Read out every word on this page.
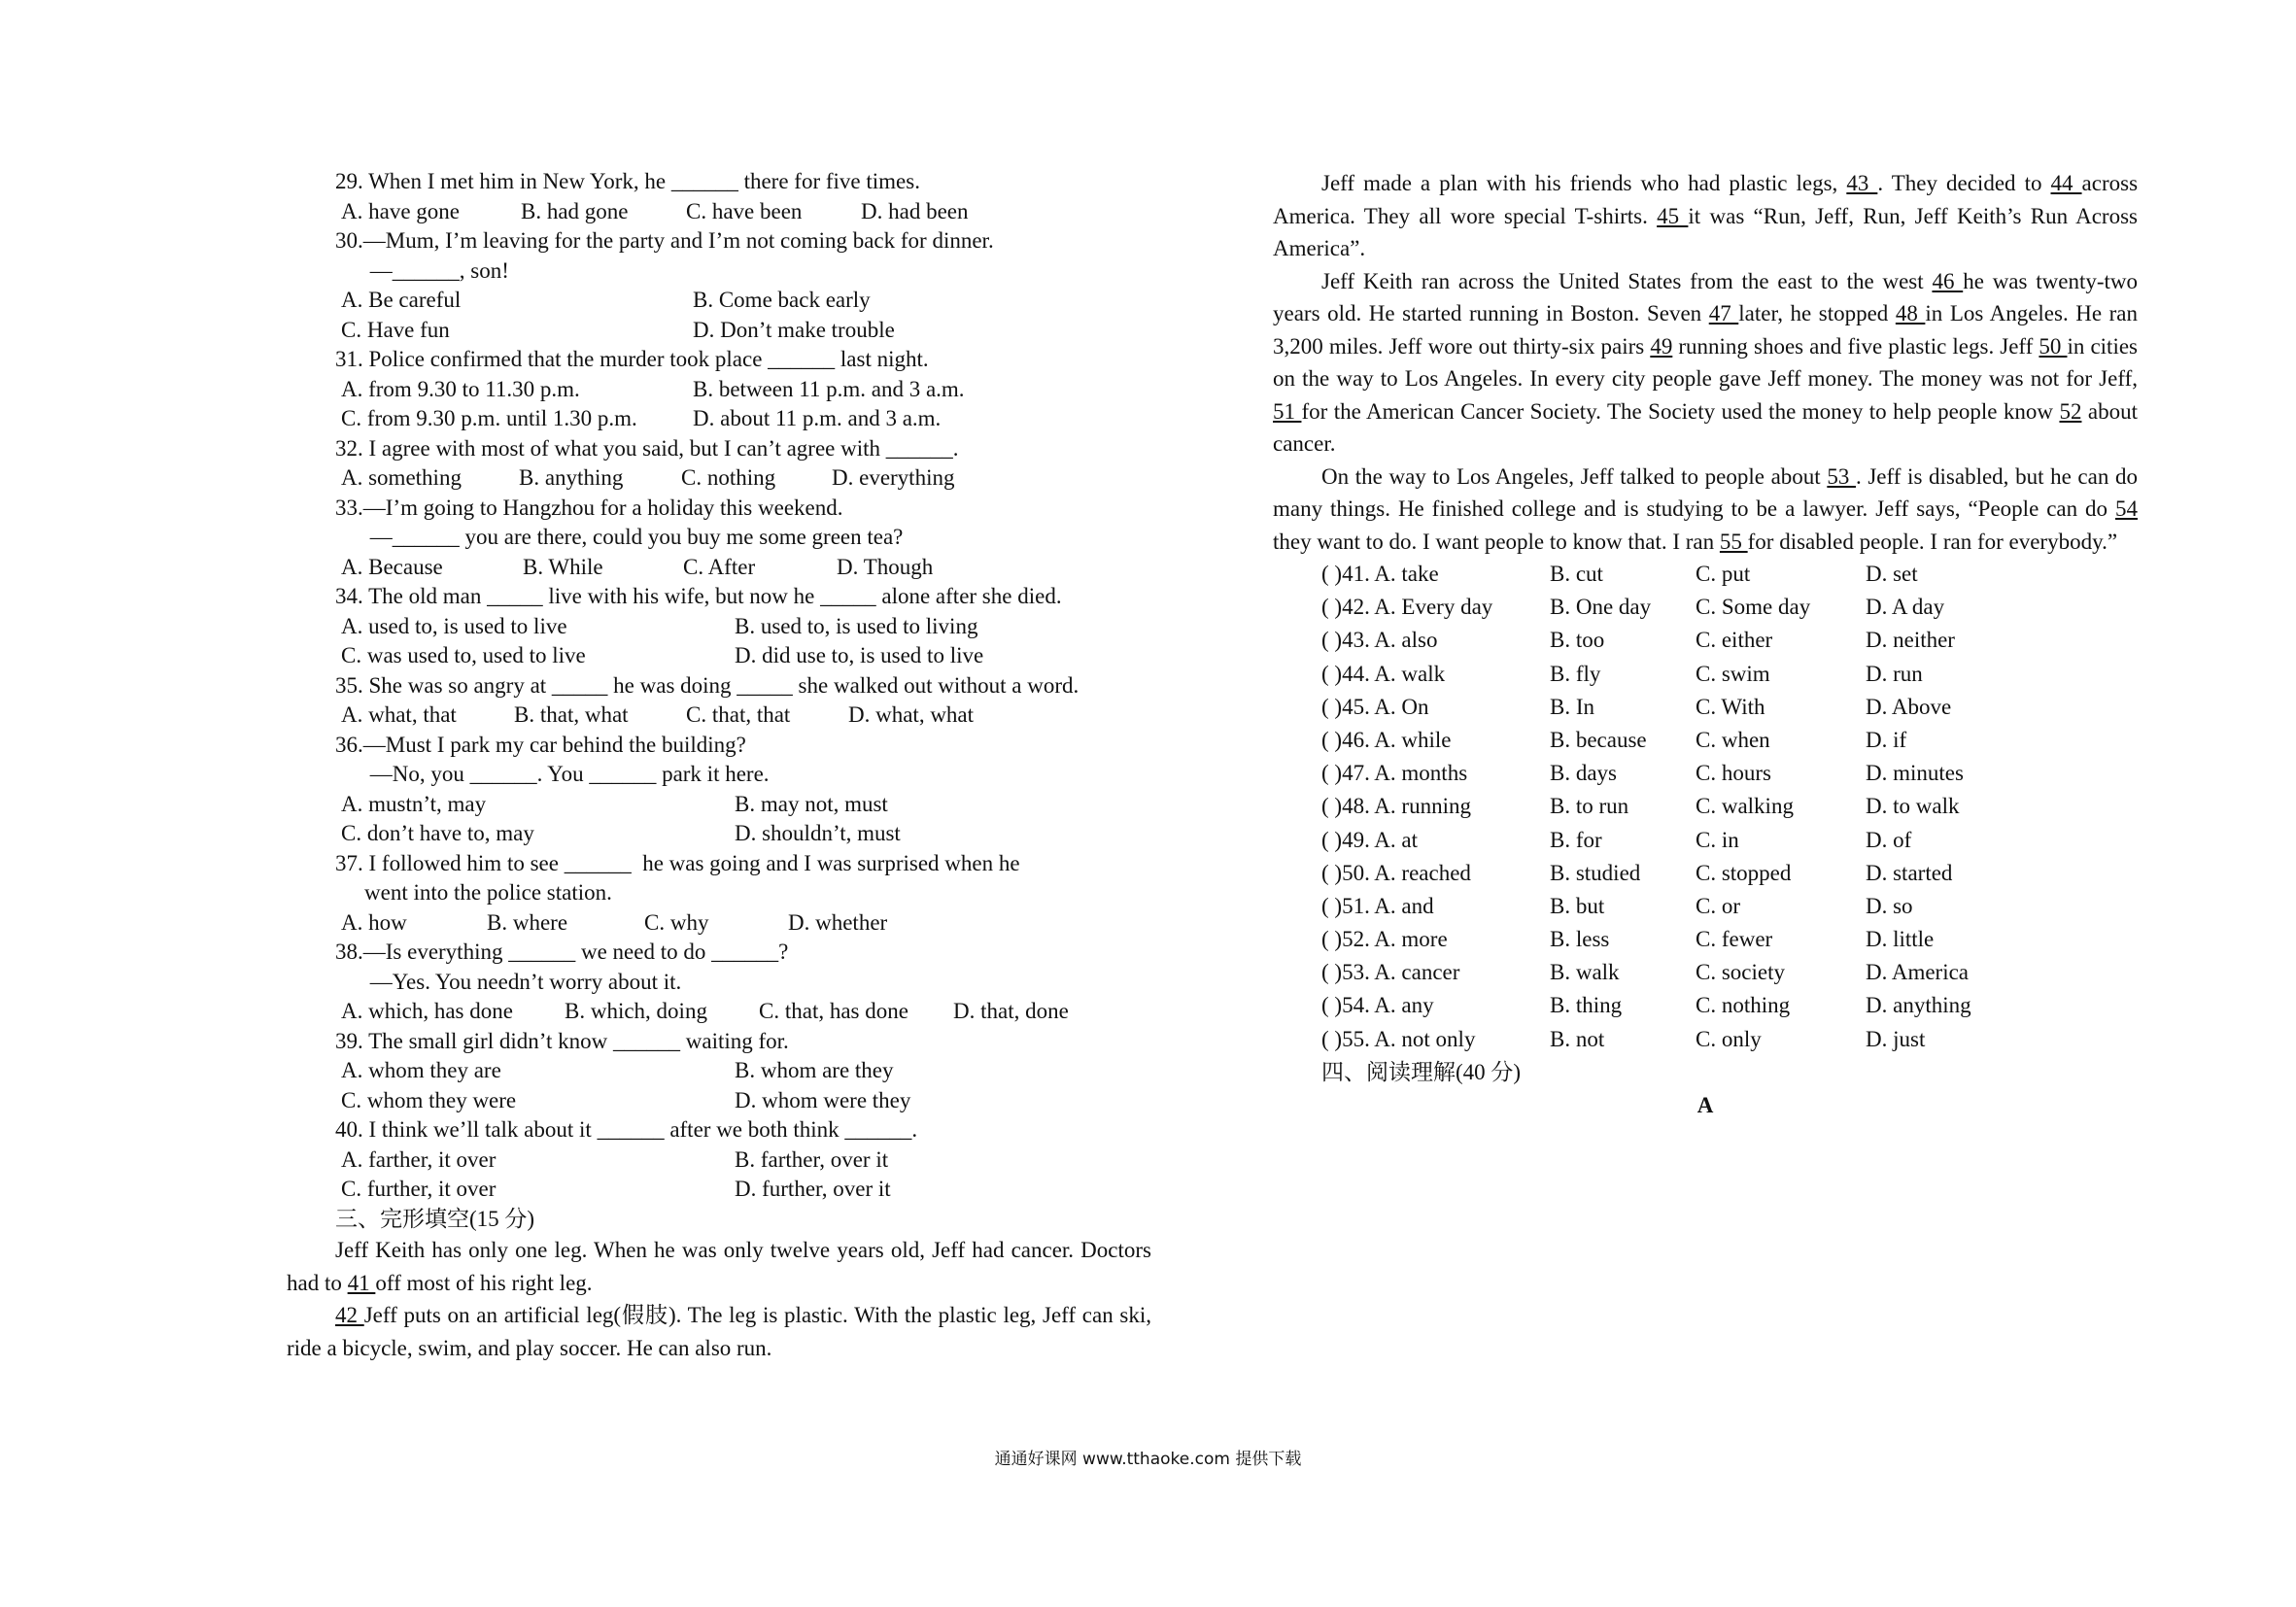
29. When I met him in New York, he ______ there for five times.
A. have gone	B. had gone	C. have been	D. had been
30.—Mum, I’m leaving for the party and I’m not coming back for dinner.
—______, son!
A. Be careful	B. Come back early
C. Have fun	D. Don’t make trouble
31. Police confirmed that the murder took place ______ last night.
A. from 9.30 to 11.30 p.m.	B. between 11 p.m. and 3 a.m.
C. from 9.30 p.m. until 1.30 p.m. D. about 11 p.m. and 3 a.m.
32. I agree with most of what you said, but I can’t agree with ______.
A. something	B. anything	C. nothing	D. everything
33.—I’m going to Hangzhou for a holiday this weekend.
—______ you are there, could you buy me some green tea?
A. Because	B. While	C. After	D. Though
34. The old man _____ live with his wife, but now he _____ alone after she died.
A. used to, is used to live	B. used to, is used to living
C. was used to, used to live	D. did use to, is used to live
35. She was so angry at _____ he was doing _____ she walked out without a word.
A. what, that	B. that, what	C. that, that	D. what, what
36.—Must I park my car behind the building?
—No, you ______. You ______ park it here.
A. mustn’t, may	B. may not, must
C. don’t have to, may	D. shouldn’t, must
37. I followed him to see ______  he was going and I was surprised when he
went into the police station.
A. how	B. where	C. why	D. whether
38.—Is everything ______ we need to do ______?
—Yes. You needn’t worry about it.
A. which, has done B. which, doing C. that, has done D. that, done
39. The small girl didn’t know ______ waiting for.
A. whom they are	B. whom are they
C. whom they were	D. whom were they
40. I think we’ll talk about it ______ after we both think ______.
A. farther, it over	B. farther, over it
C. further, it over	D. further, over it
三、完形填空(15 分)
Jeff Keith has only one leg. When he was only twelve years old, Jeff had cancer. Doctors had to 41 off most of his right leg.
42 Jeff puts on an artificial leg(假肢). The leg is plastic. With the plastic leg, Jeff can ski, ride a bicycle, swim, and play soccer. He can also run.
Jeff made a plan with his friends who had plastic legs, 43 . They decided to 44 across America. They all wore special T-shirts. 45 it was “Run, Jeff, Run, Jeff Keith’s Run Across America”.
Jeff Keith ran across the United States from the east to the west 46 he was twenty-two years old. He started running in Boston. Seven 47 later, he stopped 48 in Los Angeles. He ran 3,200 miles. Jeff wore out thirty-six pairs 49 running shoes and five plastic legs. Jeff 50 in cities on the way to Los Angeles. In every city people gave Jeff money. The money was not for Jeff, 51 for the American Cancer Society. The Society used the money to help people know 52 about cancer.
On the way to Los Angeles, Jeff talked to people about 53 . Jeff is disabled, but he can do many things. He finished college and is studying to be a lawyer. Jeff says, “People can do 54 they want to do. I want people to know that. I ran 55 for disabled people. I ran for everybody.”
( )41. A. take	B. cut	C. put	D. set
( )42. A. Every day	B. One day C. Some day D. A day
( )43. A. also	B. too	C. either	D. neither
( )44. A. walk	B. fly	C. swim	D. run
( )45. A. On	B. In	C. With	D. Above
( )46. A. while	B. because C. when	D. if
( )47. A. months	B. days	C. hours	D. minutes
( )48. A. running	B. to run	C. walking	D. to walk
( )49. A. at	B. for	C. in	D. of
( )50. A. reached	B. studied C. stopped	D. started
( )51. A. and	B. but	C. or	D. so
( )52. A. more	B. less	C. fewer	D. little
( )53. A. cancer	B. walk	C. society	D. America
( )54. A. any	B. thing	C. nothing	D. anything
( )55. A. not only	B. not	C. only	D. just
四、阅读理解(40 分)
A
通通好课网 www.tthaoke.com 提供下载
